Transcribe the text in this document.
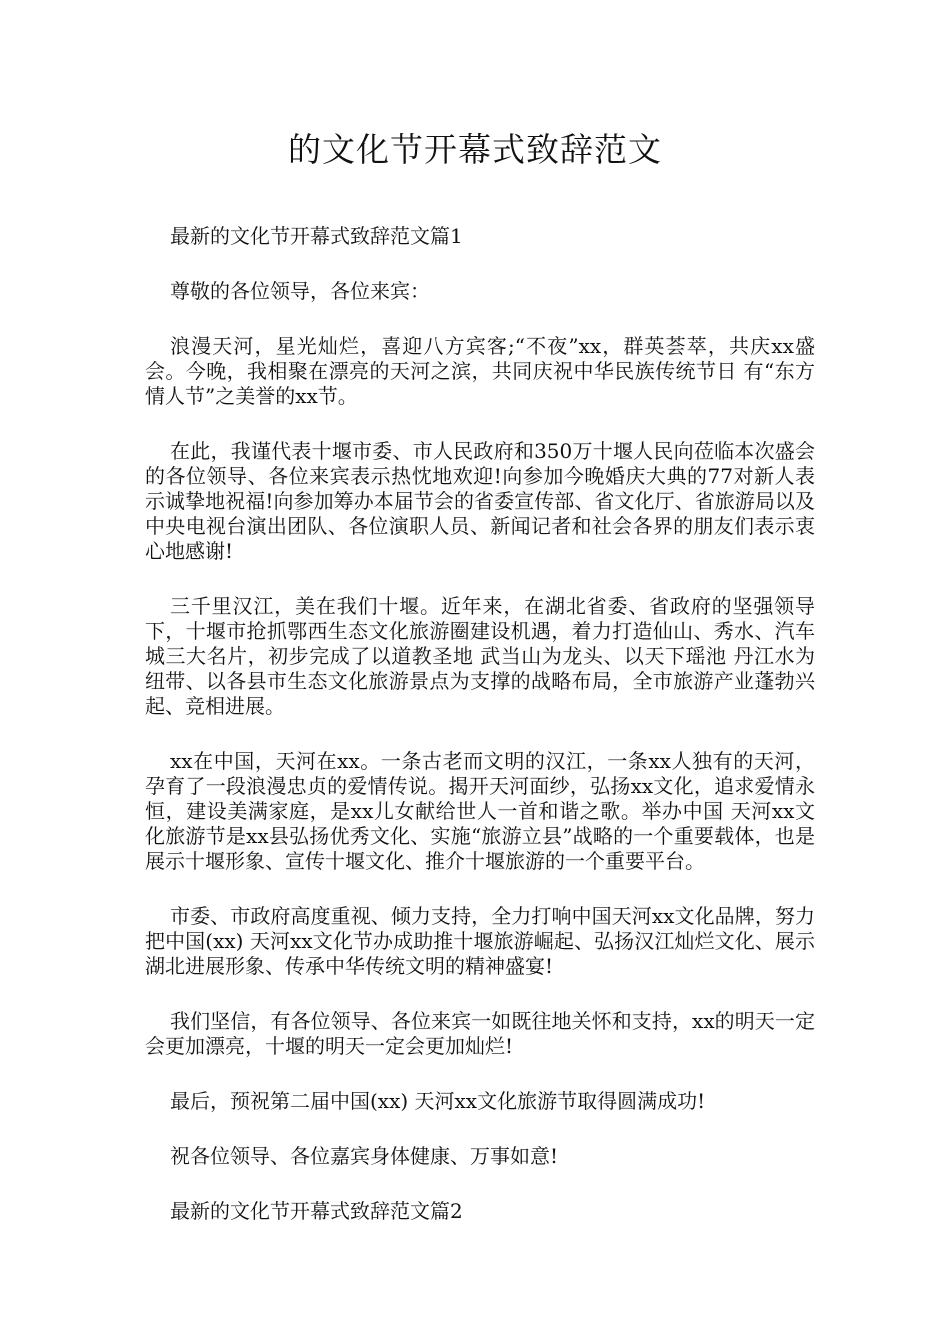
的文化节开幕式致辞范文

最新的文化节开幕式致辞范文篇1

尊敬的各位领导，各位来宾：

浪漫天河，星光灿烂，喜迎八方宾客;“不夜”xx，群英荟萃，共庆xx盛会。今晚，我相聚在漂亮的天河之滨，共同庆祝中华民族传统节日 有“东方情人节”之美誉的xx节。

在此，我谨代表十堰市委、市人民政府和350万十堰人民向莅临本次盛会的各位领导、各位来宾表示热忱地欢迎!向参加今晚婚庆大典的77对新人表示诚挚地祝福!向参加筹办本届节会的省委宣传部、省文化厅、省旅游局以及中央电视台演出团队、各位演职人员、新闻记者和社会各界的朋友们表示衷心地感谢!

三千里汉江，美在我们十堰。近年来，在湖北省委、省政府的坚强领导下，十堰市抢抓鄂西生态文化旅游圈建设机遇，着力打造仙山、秀水、汽车城三大名片，初步完成了以道教圣地 武当山为龙头、以天下瑶池 丹江水为纽带、以各县市生态文化旅游景点为支撑的战略布局，全市旅游产业蓬勃兴起、竞相进展。

xx在中国，天河在xx。一条古老而文明的汉江，一条xx人独有的天河，孕育了一段浪漫忠贞的爱情传说。揭开天河面纱，弘扬xx文化，追求爱情永恒，建设美满家庭，是xx儿女献给世人一首和谐之歌。举办中国 天河xx文化旅游节是xx县弘扬优秀文化、实施“旅游立县”战略的一个重要载体，也是展示十堰形象、宣传十堰文化、推介十堰旅游的一个重要平台。

市委、市政府高度重视、倾力支持，全力打响中国天河xx文化品牌，努力把中国(xx) 天河xx文化节办成助推十堰旅游崛起、弘扬汉江灿烂文化、展示湖北进展形象、传承中华传统文明的精神盛宴!

我们坚信，有各位领导、各位来宾一如既往地关怀和支持，xx的明天一定会更加漂亮，十堰的明天一定会更加灿烂!

最后，预祝第二届中国(xx) 天河xx文化旅游节取得圆满成功!

祝各位领导、各位嘉宾身体健康、万事如意!

最新的文化节开幕式致辞范文篇2
